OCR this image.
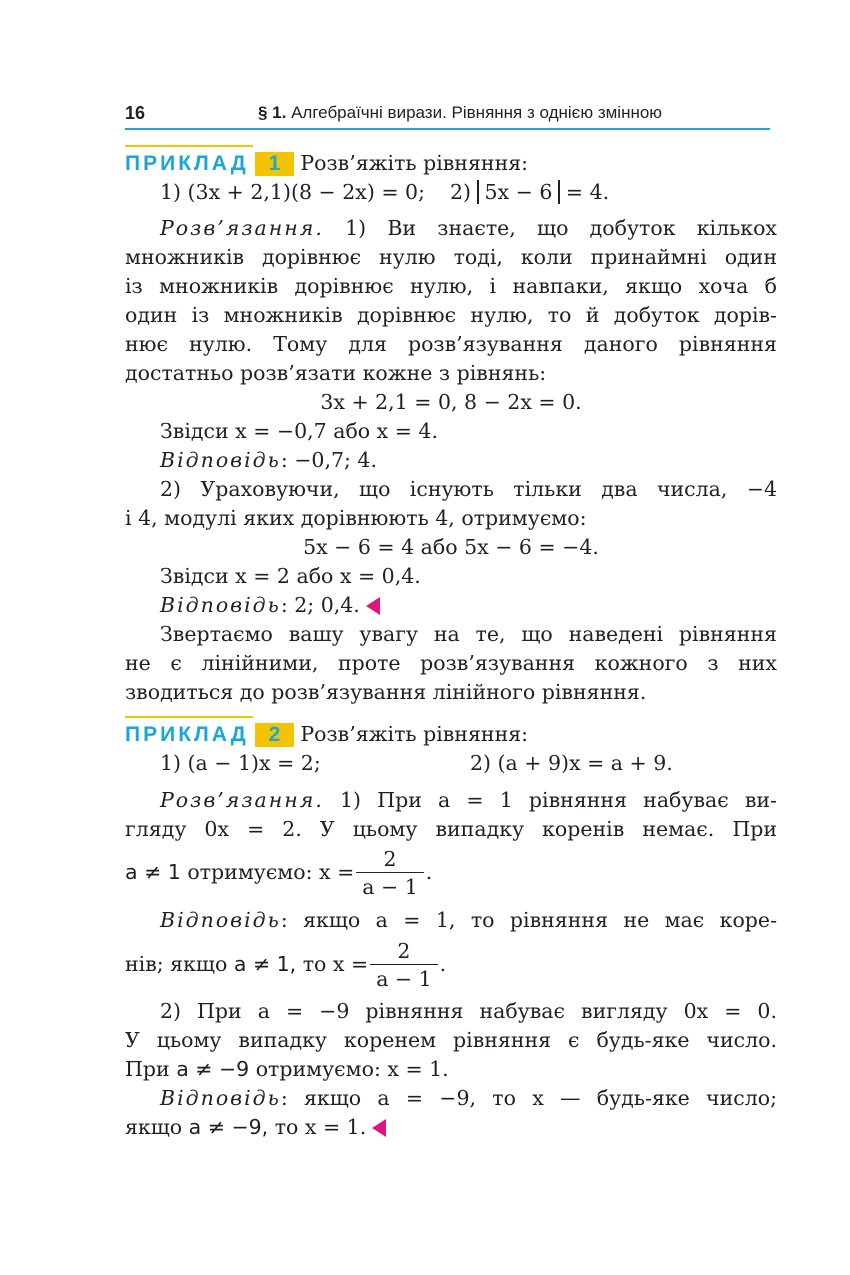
16	§ 1. Алгебраїчні вирази. Рівняння з однією змінною
ПРИКЛАД 1 Розв’яжіть рівняння:
1) (3x + 2,1)(8 − 2x) = 0; 2) 5x − 6 = 4.
Розв’язання. 1) Ви знаєте, що добуток кількох
множників дорівнює нулю тоді, коли принаймні один
із множників дорівнює нулю, і навпаки, якщо хоча б
один із множників дорівнює нулю, то й добуток дорів-
нює нулю. Тому для розв’язування даного рівняння
достатньо розв’язати кожне з рівнянь:
3x + 2,1 = 0, 8 − 2x = 0.
Звідси x = −0,7 або x = 4.
Відповідь: −0,7; 4.
2) Ураховуючи, що існують тільки два числа, −4
і 4, модулі яких дорівнюють 4, отримуємо:
5x − 6 = 4 або 5x − 6 = −4.
Звідси x = 2 або x = 0,4.
Відповідь: 2; 0,4.
Звертаємо вашу увагу на те, що наведені рівняння
не є лінійними, проте розв’язування кожного з них
зводиться до розв’язування лінійного рівняння.
ПРИКЛАД 2 Розв’яжіть рівняння:
1) (a − 1)x = 2;	2) (a + 9)x = a + 9.
Розв’язання. 1) При a = 1 рівняння набуває ви-
гляду 0x = 2. У цьому випадку коренів немає. При
a ≠ 1 отримуємо: $x = \frac{2}{a - 1}$ .
Відповідь: якщо a = 1, то рівняння не має коре-
нів; якщо a ≠ 1, то $x = \frac{2}{a - 1}$ .
2) При a = −9 рівняння набуває вигляду 0x = 0.
У цьому випадку коренем рівняння є будь-яке число.
При a ≠ −9 отримуємо: x = 1.
Відповідь: якщо a = −9, то x — будь-яке число;
якщо a ≠ −9, то x = 1.
